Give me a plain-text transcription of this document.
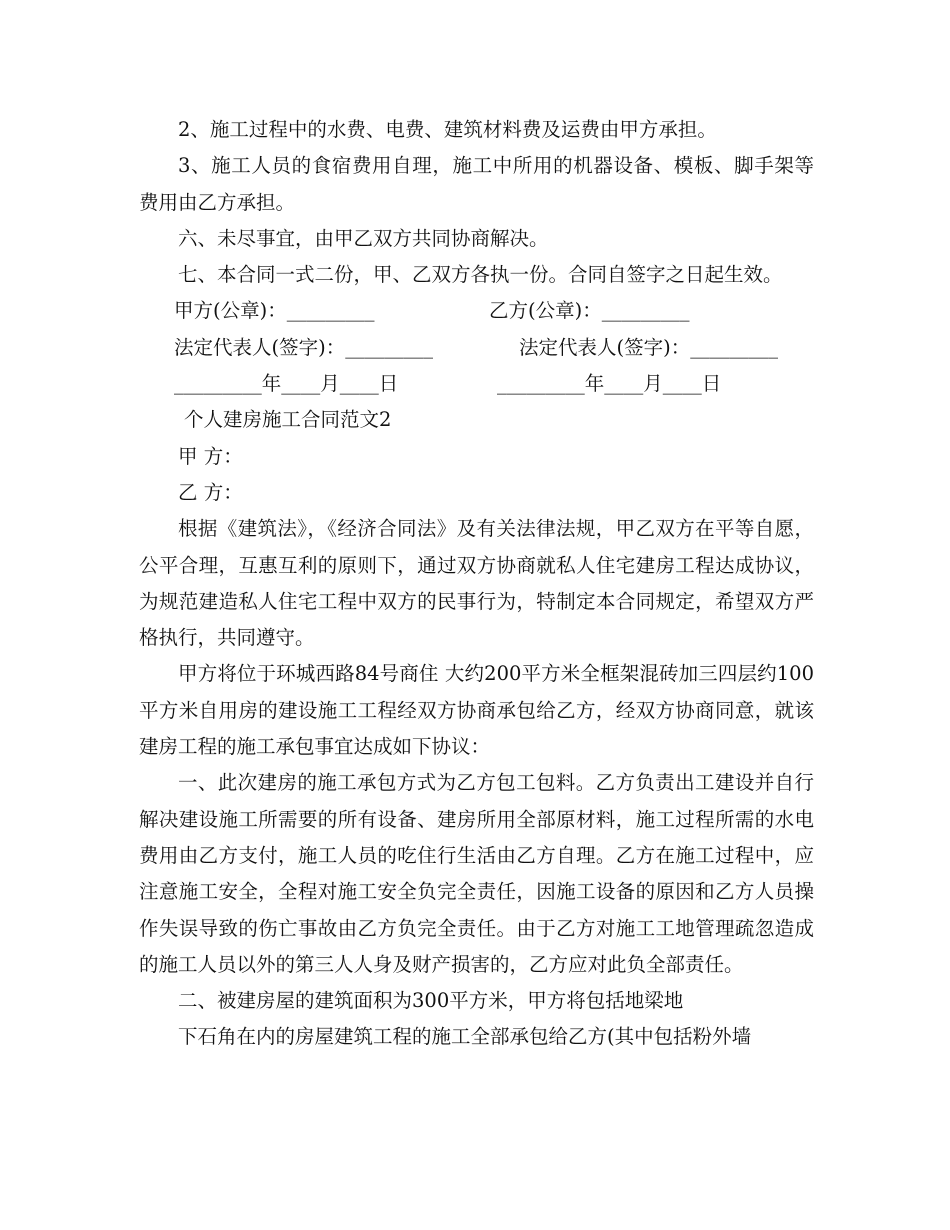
2、施工过程中的水费、电费、建筑材料费及运费由甲方承担。

3、施工人员的食宿费用自理，施工中所用的机器设备、模板、脚手架等费用由乙方承担。

六、未尽事宜，由甲乙双方共同协商解决。

七、本合同一式二份，甲、乙双方各执一份。合同自签字之日起生效。

甲方(公章)：_________	乙方(公章)：_________
法定代表人(签字)：_________	法定代表人(签字)：_________
_________年____月____日	_________年____月____日
个人建房施工合同范文2

甲 方：

乙 方：

根据《建筑法》，《经济合同法》及有关法律法规，甲乙双方在平等自愿，公平合理，互惠互利的原则下，通过双方协商就私人住宅建房工程达成协议，为规范建造私人住宅工程中双方的民事行为，特制定本合同规定，希望双方严格执行，共同遵守。

甲方将位于环城西路84号商住 大约200平方米全框架混砖加三四层约100平方米自用房的建设施工工程经双方协商承包给乙方，经双方协商同意，就该建房工程的施工承包事宜达成如下协议：

一、此次建房的施工承包方式为乙方包工包料。乙方负责出工建设并自行解决建设施工所需要的所有设备、建房所用全部原材料，施工过程所需的水电费用由乙方支付，施工人员的吃住行生活由乙方自理。乙方在施工过程中，应注意施工安全，全程对施工安全负完全责任，因施工设备的原因和乙方人员操作失误导致的伤亡事故由乙方负完全责任。由于乙方对施工工地管理疏忽造成的施工人员以外的第三人人身及财产损害的，乙方应对此负全部责任。

二、被建房屋的建筑面积为300平方米，甲方将包括地梁地

下石角在内的房屋建筑工程的施工全部承包给乙方(其中包括粉外墙
